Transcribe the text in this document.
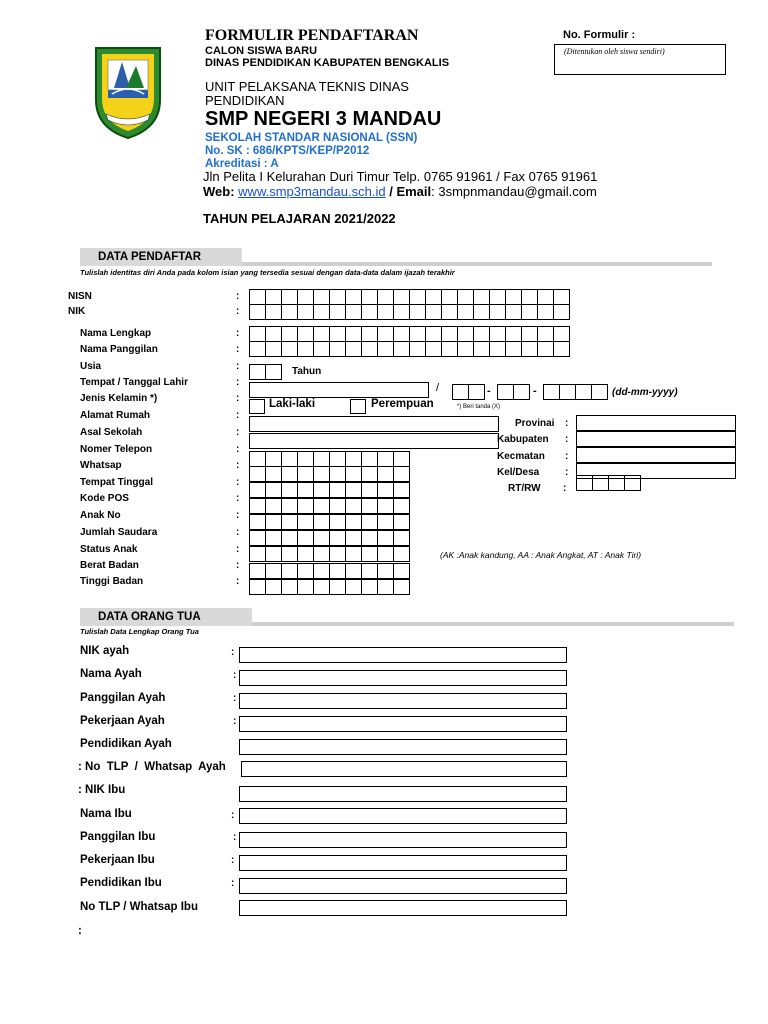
FORMULIR PENDAFTARAN
CALON SISWA BARU
DINAS PENDIDIKAN KABUPATEN BENGKALIS
UNIT PELAKSANA TEKNIS DINAS
PENDIDIKAN
SMP NEGERI 3 MANDAU
SEKOLAH STANDAR NASIONAL (SSN)
No. SK : 686/KPTS/KEP/P2012
Akreditasi : A
Jln Pelita I Kelurahan Duri Timur Telp. 0765 91961 / Fax 0765 91961
Web: www.smp3mandau.sch.id / Email: 3smpnmandau@gmail.com
TAHUN PELAJARAN 2021/2022
No. Formulir :
(Ditentukan oleh siswa sendiri)
DATA PENDAFTAR
Tulislah identitas diri Anda pada kolom isian yang tersedia sesuai dengan data-data dalam ijazah terakhir
NISN	:
NIK	:
Nama Lengkap	:
Nama Panggilan	:
Usia	:	Tahun
Tempat / Tanggal Lahir	:	/	-	-	(dd-mm-yyyy)
Jenis Kelamin *)	:	Laki-laki	Perempuan	*) Beri tanda (X)
Alamat Rumah	:
Asal Sekolah	:
Provinai :
Kabupaten :
Kecmatan :
Kel/Desa	:
RT/RW :
Nomer Telepon	:
Whatsap	:
Tempat Tinggal	:
Kode POS	:
Anak No	:
Jumlah Saudara	:
Status Anak	:	(AK :Anak kandung, AA : Anak Angkat, AT : Anak Tiri)
Berat Badan	:
Tinggi Badan	:
DATA ORANG TUA
Tulislah Data Lengkap Orang Tua
NIK ayah	:
Nama Ayah	:
Panggilan Ayah	:
Pekerjaan Ayah	:
Pendidikan Ayah
: No  TLP  /  Whatsap  Ayah
: NIK Ibu
Nama Ibu	:
Panggilan Ibu	:
Pekerjaan Ibu	:
Pendidikan Ibu	:
No TLP / Whatsap Ibu
:
